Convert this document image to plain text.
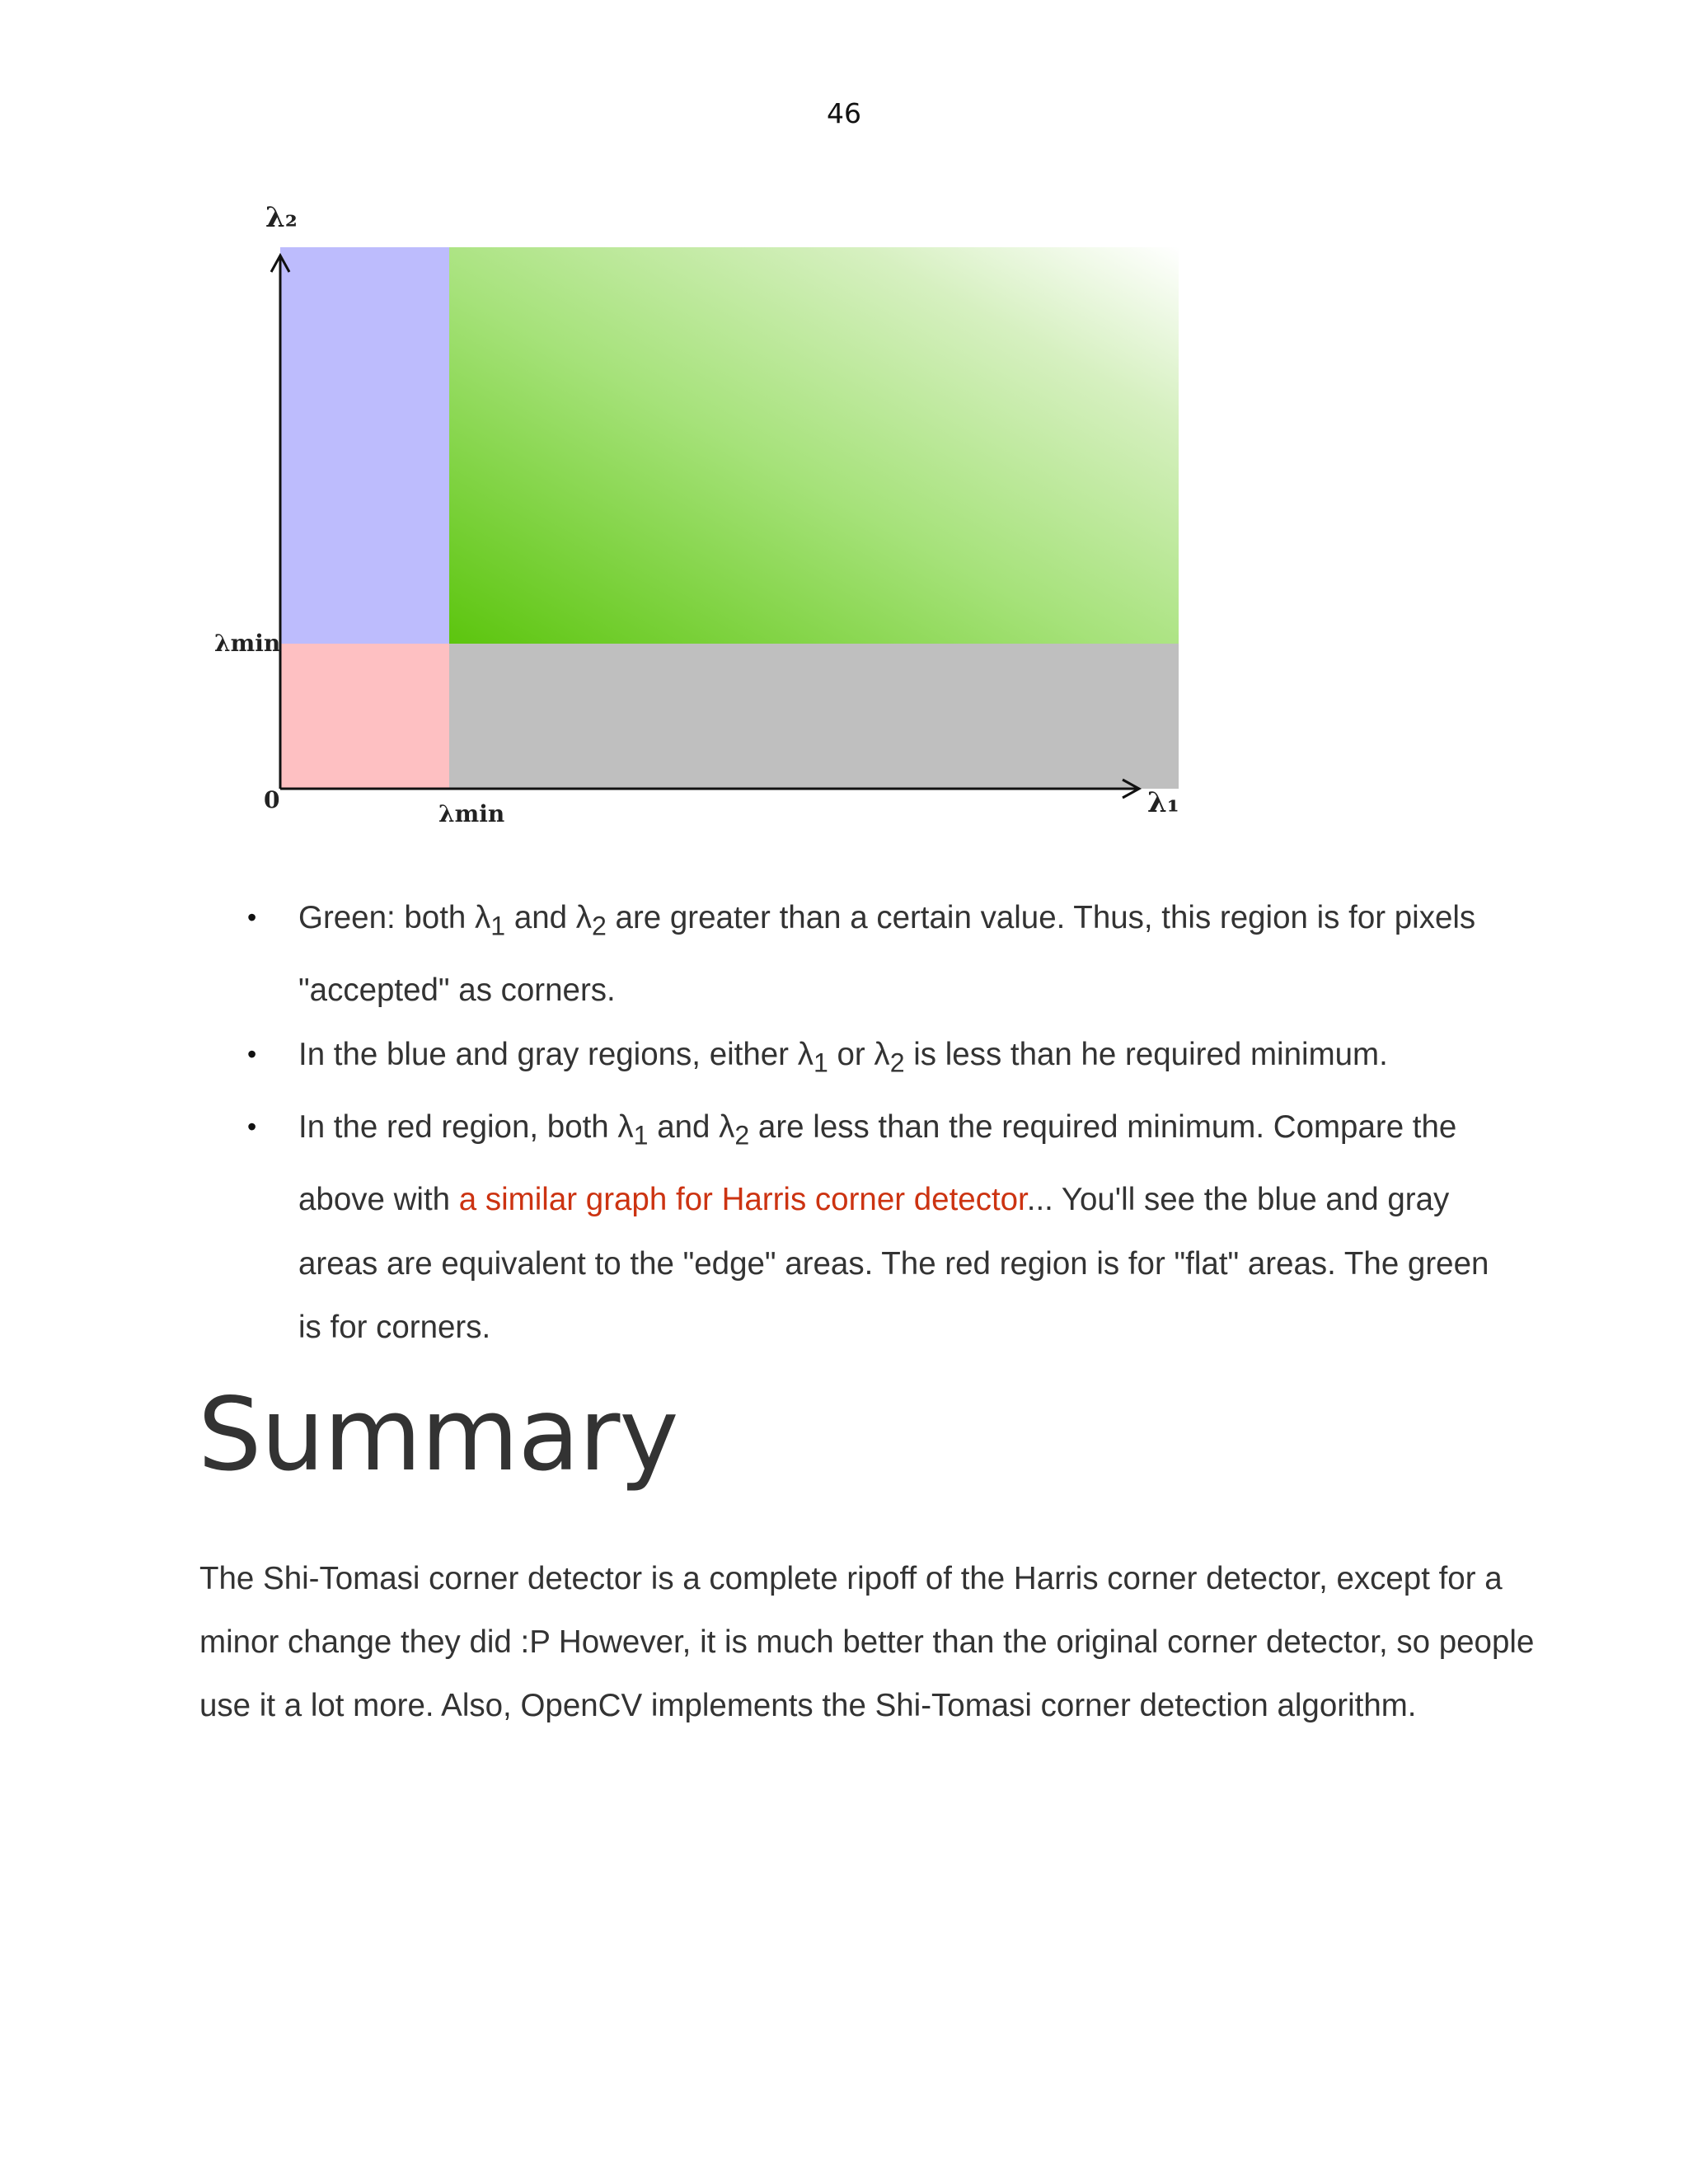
46
λ₂
λ₁
λmin
λmin
0
• Green: both $\lambda_1$ and $\lambda_2$ are greater than a certain value. Thus, this region is for pixels "accepted" as corners.
• In the blue and gray regions, either $\lambda_1$ or $\lambda_2$ is less than he required minimum.
• In the red region, both $\lambda_1$ and $\lambda_2$ are less than the required minimum. Compare the above with a similar graph for Harris corner detector... You'll see the blue and gray areas are equivalent to the "edge" areas. The red region is for "flat" areas. The green is for corners.
Summary

The Shi-Tomasi corner detector is a complete ripoff of the Harris corner detector, except for a minor change they did :P However, it is much better than the original corner detector, so people use it a lot more. Also, OpenCV implements the Shi-Tomasi corner detection algorithm.
